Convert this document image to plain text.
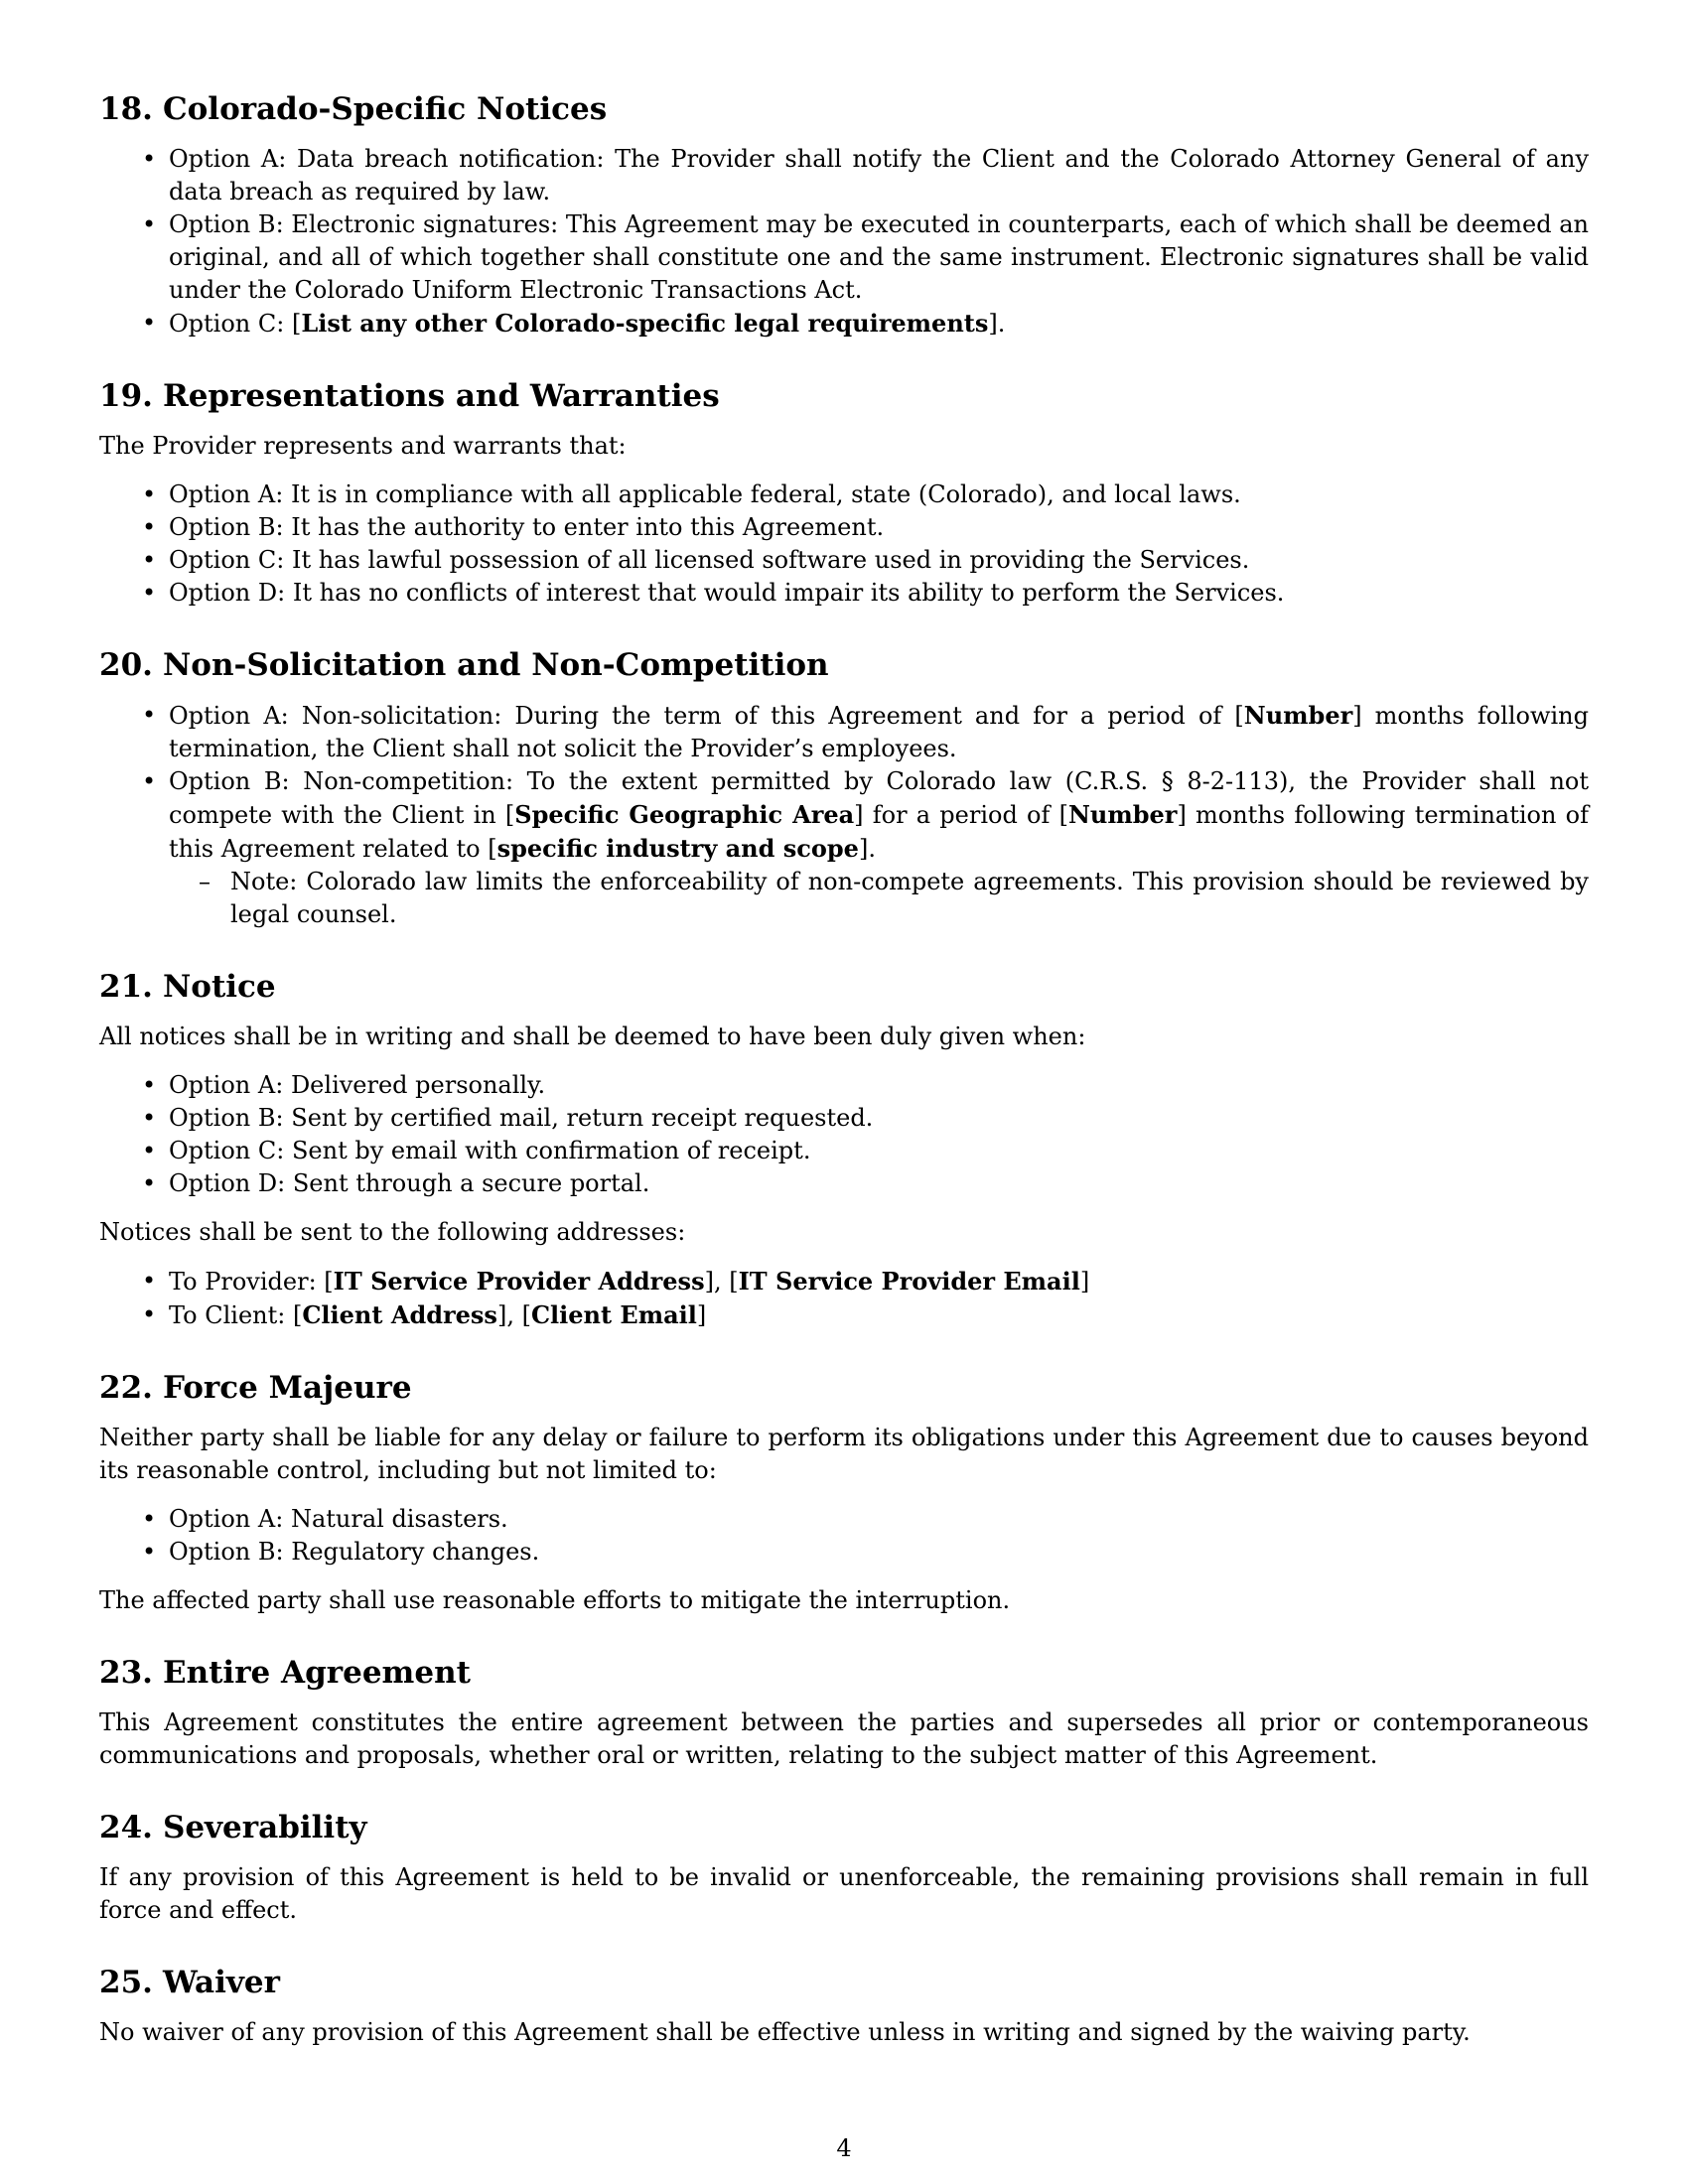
18. Colorado-Specific Notices
• Option A: Data breach notification: The Provider shall notify the Client and the Colorado Attorney General of any data breach as required by law.
• Option B: Electronic signatures: This Agreement may be executed in counterparts, each of which shall be deemed an original, and all of which together shall constitute one and the same instrument. Electronic signatures shall be valid under the Colorado Uniform Electronic Transactions Act.
• Option C: [List any other Colorado-specific legal requirements].
19. Representations and Warranties

The Provider represents and warrants that:

• Option A: It is in compliance with all applicable federal, state (Colorado), and local laws.
• Option B: It has the authority to enter into this Agreement.
• Option C: It has lawful possession of all licensed software used in providing the Services.
• Option D: It has no conflicts of interest that would impair its ability to perform the Services.
20. Non-Solicitation and Non-Competition
• Option A: Non-solicitation: During the term of this Agreement and for a period of [Number] months following termination, the Client shall not solicit the Provider’s employees.
• Option B: Non-competition: To the extent permitted by Colorado law (C.R.S. § 8-2-113), the Provider shall not compete with the Client in [Specific Geographic Area] for a period of [Number] months following termination of this Agreement related to [specific industry and scope].
– Note: Colorado law limits the enforceability of non-compete agreements. This provision should be reviewed by legal counsel.
21. Notice

All notices shall be in writing and shall be deemed to have been duly given when:

• Option A: Delivered personally.
• Option B: Sent by certified mail, return receipt requested.
• Option C: Sent by email with confirmation of receipt.
• Option D: Sent through a secure portal.

Notices shall be sent to the following addresses:

• To Provider: [IT Service Provider Address], [IT Service Provider Email]
• To Client: [Client Address], [Client Email]
22. Force Majeure

Neither party shall be liable for any delay or failure to perform its obligations under this Agreement due to causes beyond its reasonable control, including but not limited to:

• Option A: Natural disasters.
• Option B: Regulatory changes.

The affected party shall use reasonable efforts to mitigate the interruption.

23. Entire Agreement

This Agreement constitutes the entire agreement between the parties and supersedes all prior or contemporaneous communications and proposals, whether oral or written, relating to the subject matter of this Agreement.

24. Severability

If any provision of this Agreement is held to be invalid or unenforceable, the remaining provisions shall remain in full force and effect.

25. Waiver

No waiver of any provision of this Agreement shall be effective unless in writing and signed by the waiving party.

4
